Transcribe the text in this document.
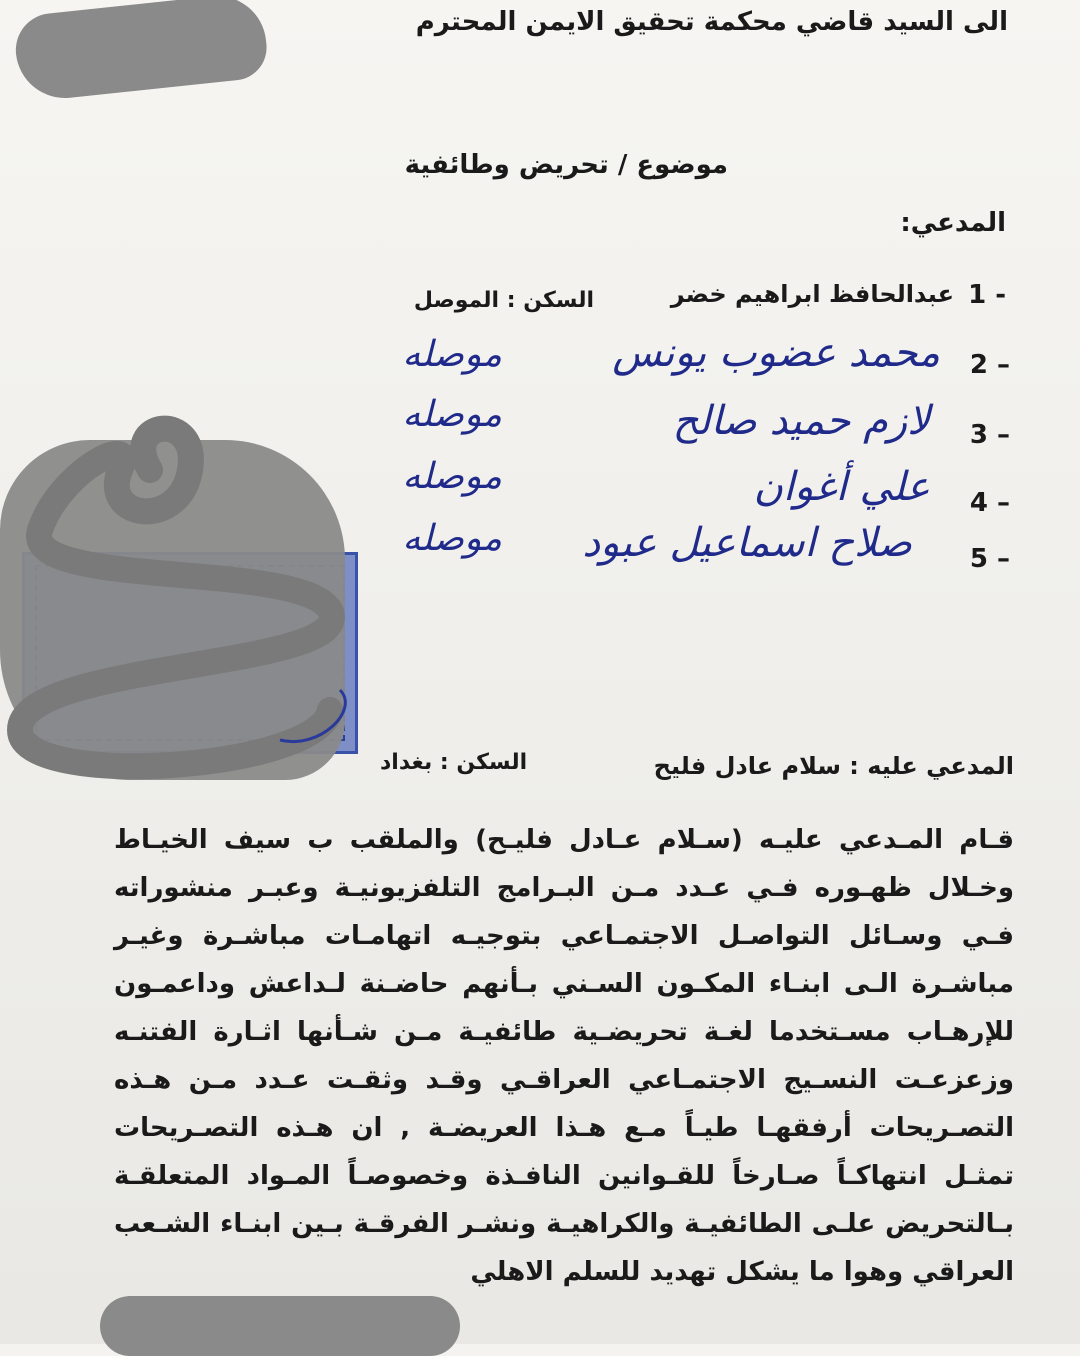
الى السيد قاضي محكمة تحقيق الايمن المحترم
موضوع / تحريض وطائفية
المدعي:
1 -
عبدالحافظ ابراهيم خضر
السكن : الموصل
2 –
محمد عضوب يونس
موصله
3 –
لازم حميد صالح
موصله
4 –
علي أغوان
موصله
5 –
صلاح اسماعيل عبود
موصله
المدعي عليه : سلام عادل فليح
السكن : بغداد
قـام المـدعي عليـه (سـلام عـادل فليـح) والملقب ب سيف الخيـاط
وخـلال ظهـوره فـي عـدد مـن البـرامج التلفزيونيـة وعبـر منشوراته
فـي وسـائل التواصـل الاجتمـاعي بتوجيـه اتهامـات مباشـرة وغيـر
مباشـرة الـى ابنـاء المكـون السـني بـأنهم حاضـنة لـداعش وداعمـون
للإرهـاب مسـتخدما لغـة تحريضـية طائفيـة مـن شـأنها اثـارة الفتنـه
وزعزعـت النسـيج الاجتمـاعي العراقـي وقـد وثقـت عـدد مـن هـذه
التصـريحات أرفقهـا طيـاً مـع هـذا العريضـة , ان هـذه التصـريحات
تمثـل انتهاكـاً صـارخاً للقـوانين النافـذة وخصوصـاً المـواد المتعلقـة
بـالتحريض علـى الطائفيـة والكراهيـة ونشـر الفرقـة بـين ابنـاء الشـعب
العراقي وهوا ما يشكل تهديد للسلم الاهلي
